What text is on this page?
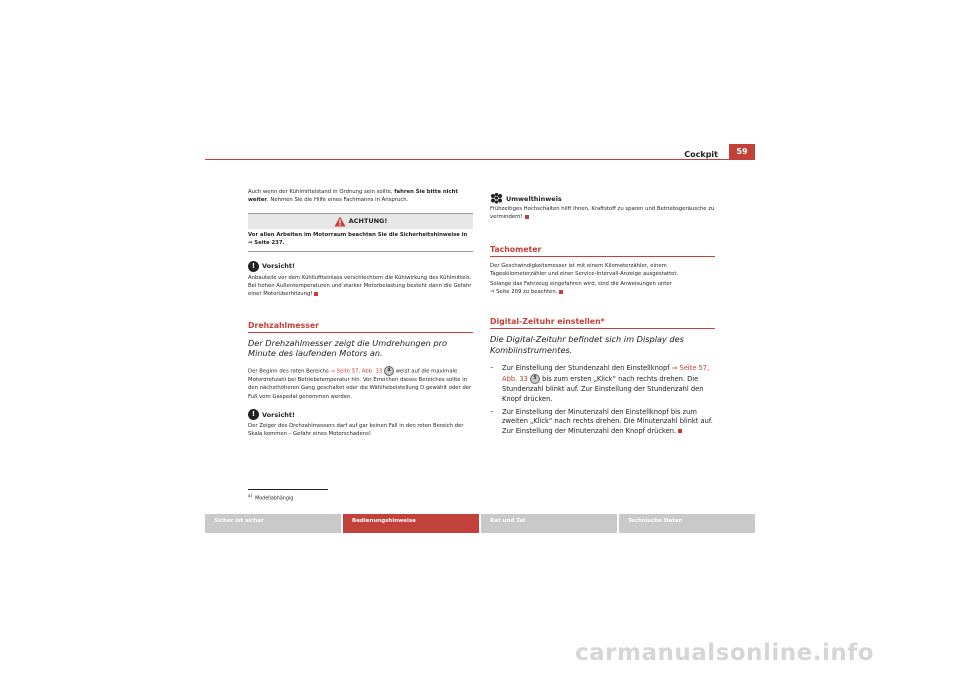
Cockpit	59

Auch wenn der Kühlmittelstand in Ordnung sein sollte, fahren Sie bitte nicht weiter. Nehmen Sie die Hilfe eines Fachmanns in Anspruch.

ACHTUNG!

Vor allen Arbeiten im Motorraum beachten Sie die Sicherheitshinweise in
⇒ Seite 237.

!	Vorsicht!

Anbauteile vor dem Kühlluftteinlass verschlechtern die Kühlwirkung des Kühlmittels. Bei hohen Außentemperaturen und starker Motorbelastung besteht dann die Gefahr einer Motorüberhitzung!

Drehzahlmesser
Der Drehzahlmesser zeigt die Umdrehungen pro Minute des laufenden Motors an.

Der Beginn des roten Bereichs ⇒ Seite 57, Abb. 33 4 weist auf die maximale Motordrehzahl bei Betriebstemperatur hin. Vor Erreichen dieses Bereiches sollte in den nächsthöheren Gang geschaltet oder die Wählhebelstellung D gewählt oder der Fuß vom Gaspedal genommen werden.

!	Vorsicht!

Der Zeiger des Drehzahlmessers darf auf gar keinen Fall in den roten Bereich der Skala kommen – Gefahr eines Motorschadens!

$^{a)}$  Modellabhängig
Umwelthinweis

Frühzeitiges Hochschalten hilft Ihnen, Kraftstoff zu sparen und Betriebsgeräusche zu vermindern!

Tachometer

Der Geschwindigkeitsmesser ist mit einem Kilometerzähler, einem Tageskilometerzähler und einer Service-Intervall-Anzeige ausgestattet.

Solange das Fahrzeug eingefahren wird, sind die Anweisungen unter
⇒ Seite 209 zu beachten.

Digital-Zeituhr einstellen*
Die Digital-Zeituhr befindet sich im Display des Kombiinstrumentes.
– Zur Einstellung der Stundenzahl den Einstellknopf ⇒ Seite 57, Abb. 33 5 bis zum ersten „Klick“ nach rechts drehen. Die Stundenzahl blinkt auf. Zur Einstellung der Stundenzahl den Knopf drücken.
– Zur Einstellung der Minutenzahl den Einstellknopf bis zum zweiten „Klick“ nach rechts drehen. Die Minutenzahl blinkt auf. Zur Einstellung der Minutenzahl den Knopf drücken.
Sicher ist sicher	Bedienungshinweise	Rat und Tat	Technische Daten
carmanualsonline.info
